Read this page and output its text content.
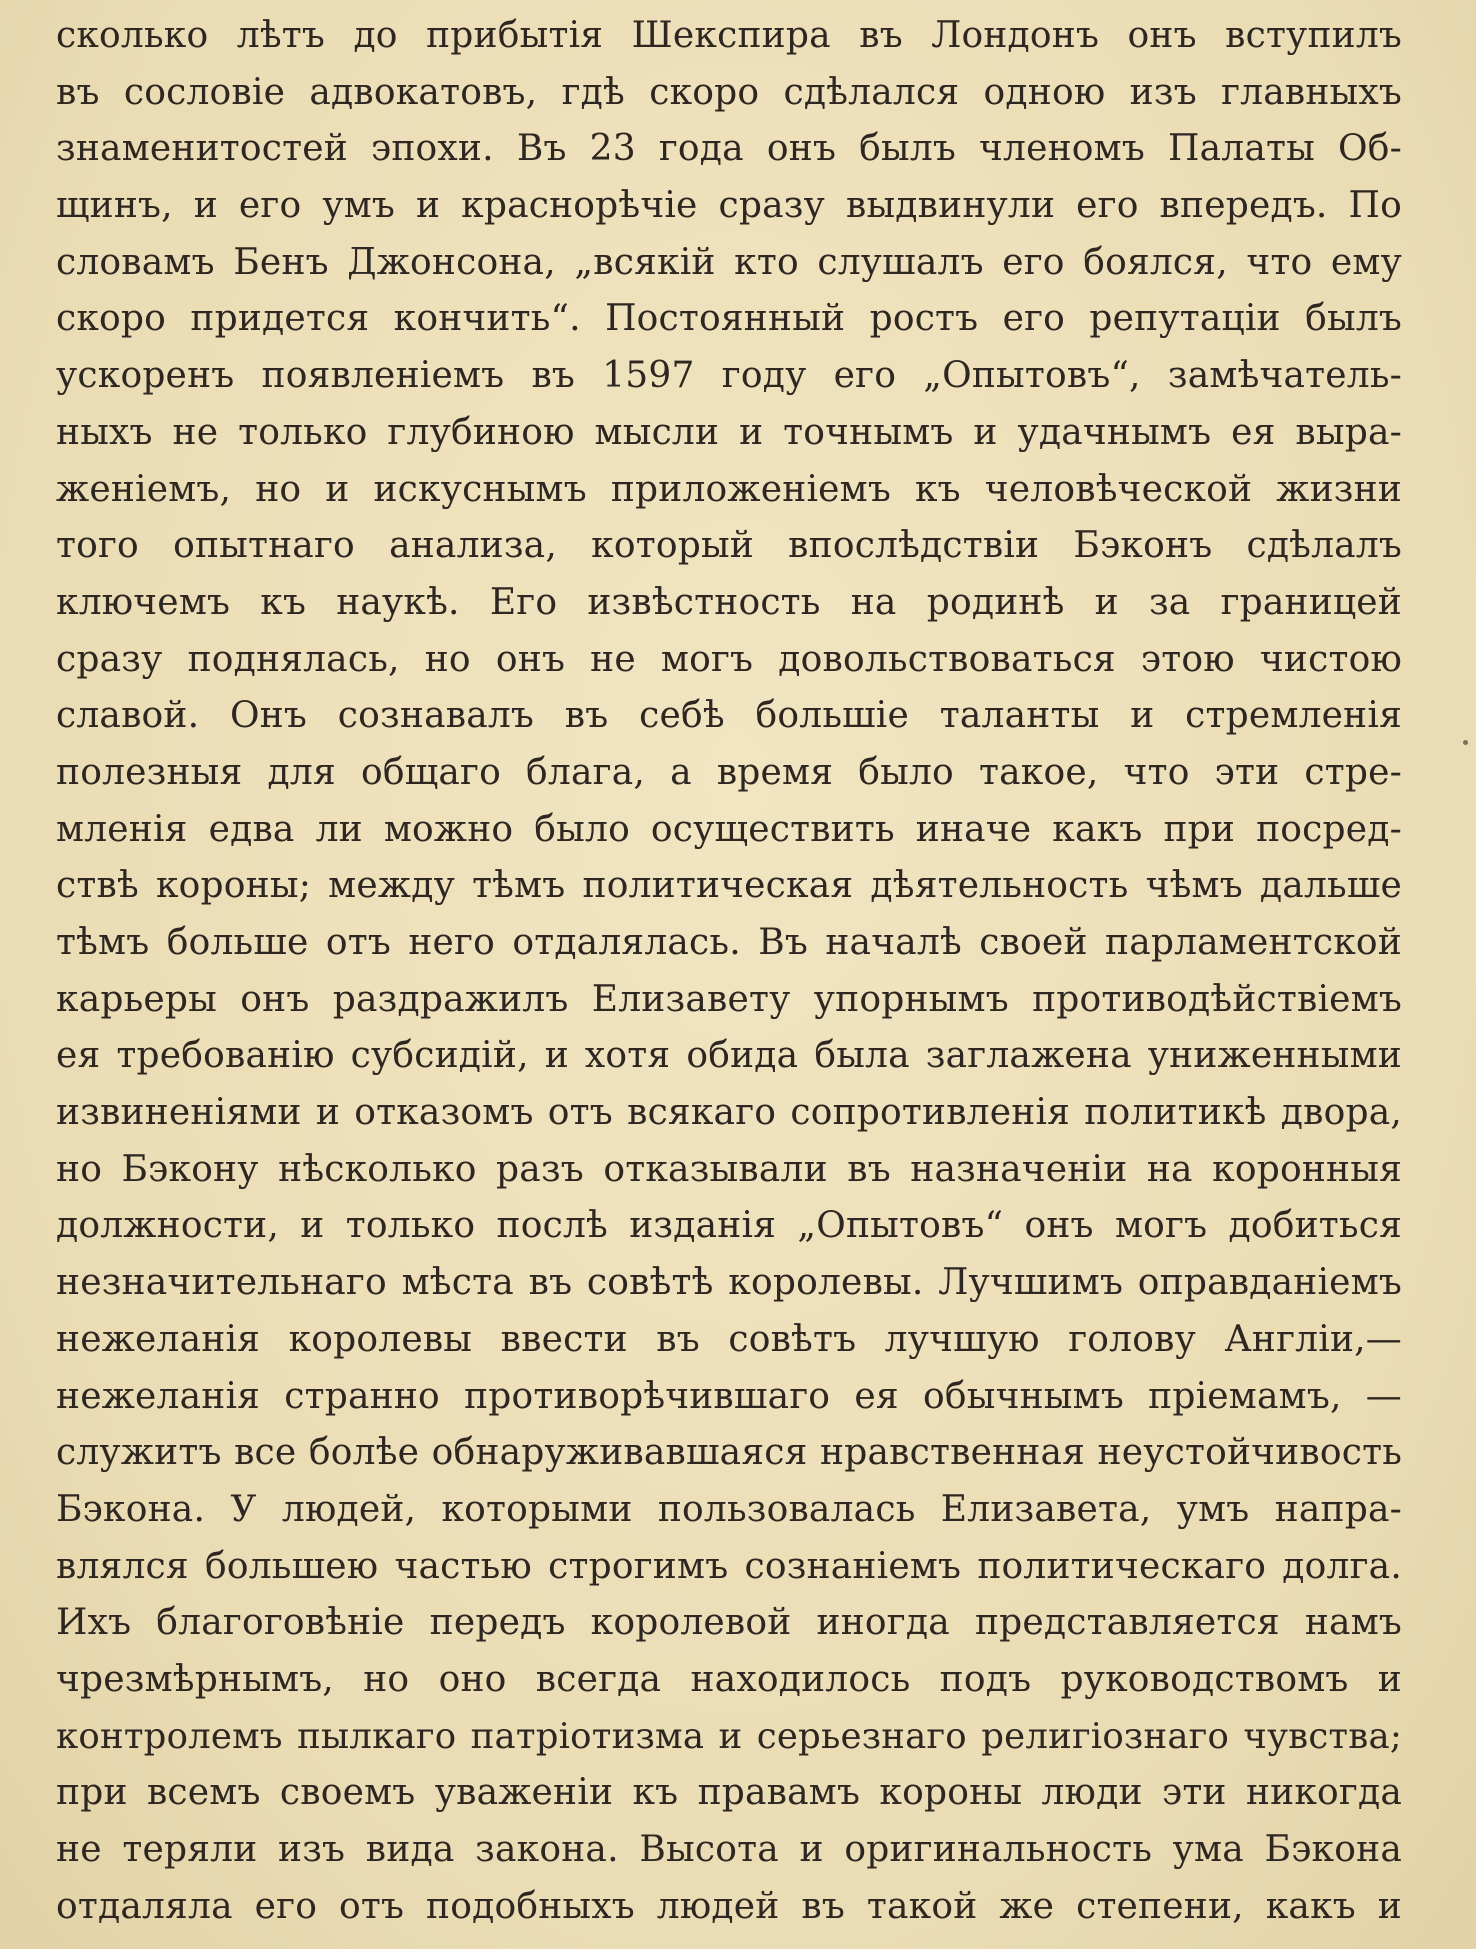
сколько лѣтъ до прибытія Шекспира въ Лондонъ онъ вступилъ
въ сословіе адвокатовъ, гдѣ скоро сдѣлался одною изъ главныхъ
знаменитостей эпохи. Въ 23 года онъ былъ членомъ Палаты Об-
щинъ, и его умъ и краснорѣчіе сразу выдвинули его впередъ. По
словамъ Бенъ Джонсона, „всякій кто слушалъ его боялся, что ему
скоро придется кончить“. Постоянный ростъ его репутаціи былъ
ускоренъ появленіемъ въ 1597 году его „Опытовъ“, замѣчатель-
ныхъ не только глубиною мысли и точнымъ и удачнымъ ея выра-
женіемъ, но и искуснымъ приложеніемъ къ человѣческой жизни
того опытнаго анализа, который впослѣдствіи Бэконъ сдѣлалъ
ключемъ къ наукѣ. Его извѣстность на родинѣ и за границей
сразу поднялась, но онъ не могъ довольствоваться этою чистою
славой. Онъ сознавалъ въ себѣ большіе таланты и стремленія
полезныя для общаго блага, а время было такое, что эти стре-
мленія едва ли можно было осуществить иначе какъ при посред-
ствѣ короны; между тѣмъ политическая дѣятельность чѣмъ дальше
тѣмъ больше отъ него отдалялась. Въ началѣ своей парламентской
карьеры онъ раздражилъ Елизавету упорнымъ противодѣйствіемъ
ея требованію субсидій, и хотя обида была заглажена униженными
извиненіями и отказомъ отъ всякаго сопротивленія политикѣ двора,
но Бэкону нѣсколько разъ отказывали въ назначеніи на коронныя
должности, и только послѣ изданія „Опытовъ“ онъ могъ добиться
незначительнаго мѣста въ совѣтѣ королевы. Лучшимъ оправданіемъ
нежеланія королевы ввести въ совѣтъ лучшую голову Англіи,—
нежеланія странно противорѣчившаго ея обычнымъ пріемамъ, —
служитъ все болѣе обнаруживавшаяся нравственная неустойчивость
Бэкона. У людей, которыми пользовалась Елизавета, умъ напра-
влялся большею частью строгимъ сознаніемъ политическаго долга.
Ихъ благоговѣніе передъ королевой иногда представляется намъ
чрезмѣрнымъ, но оно всегда находилось подъ руководствомъ и
контролемъ пылкаго патріотизма и серьезнаго религіознаго чувства;
при всемъ своемъ уваженіи къ правамъ короны люди эти никогда
не теряли изъ вида закона. Высота и оригинальность ума Бэкона
отдаляла его отъ подобныхъ людей въ такой же степени, какъ и
